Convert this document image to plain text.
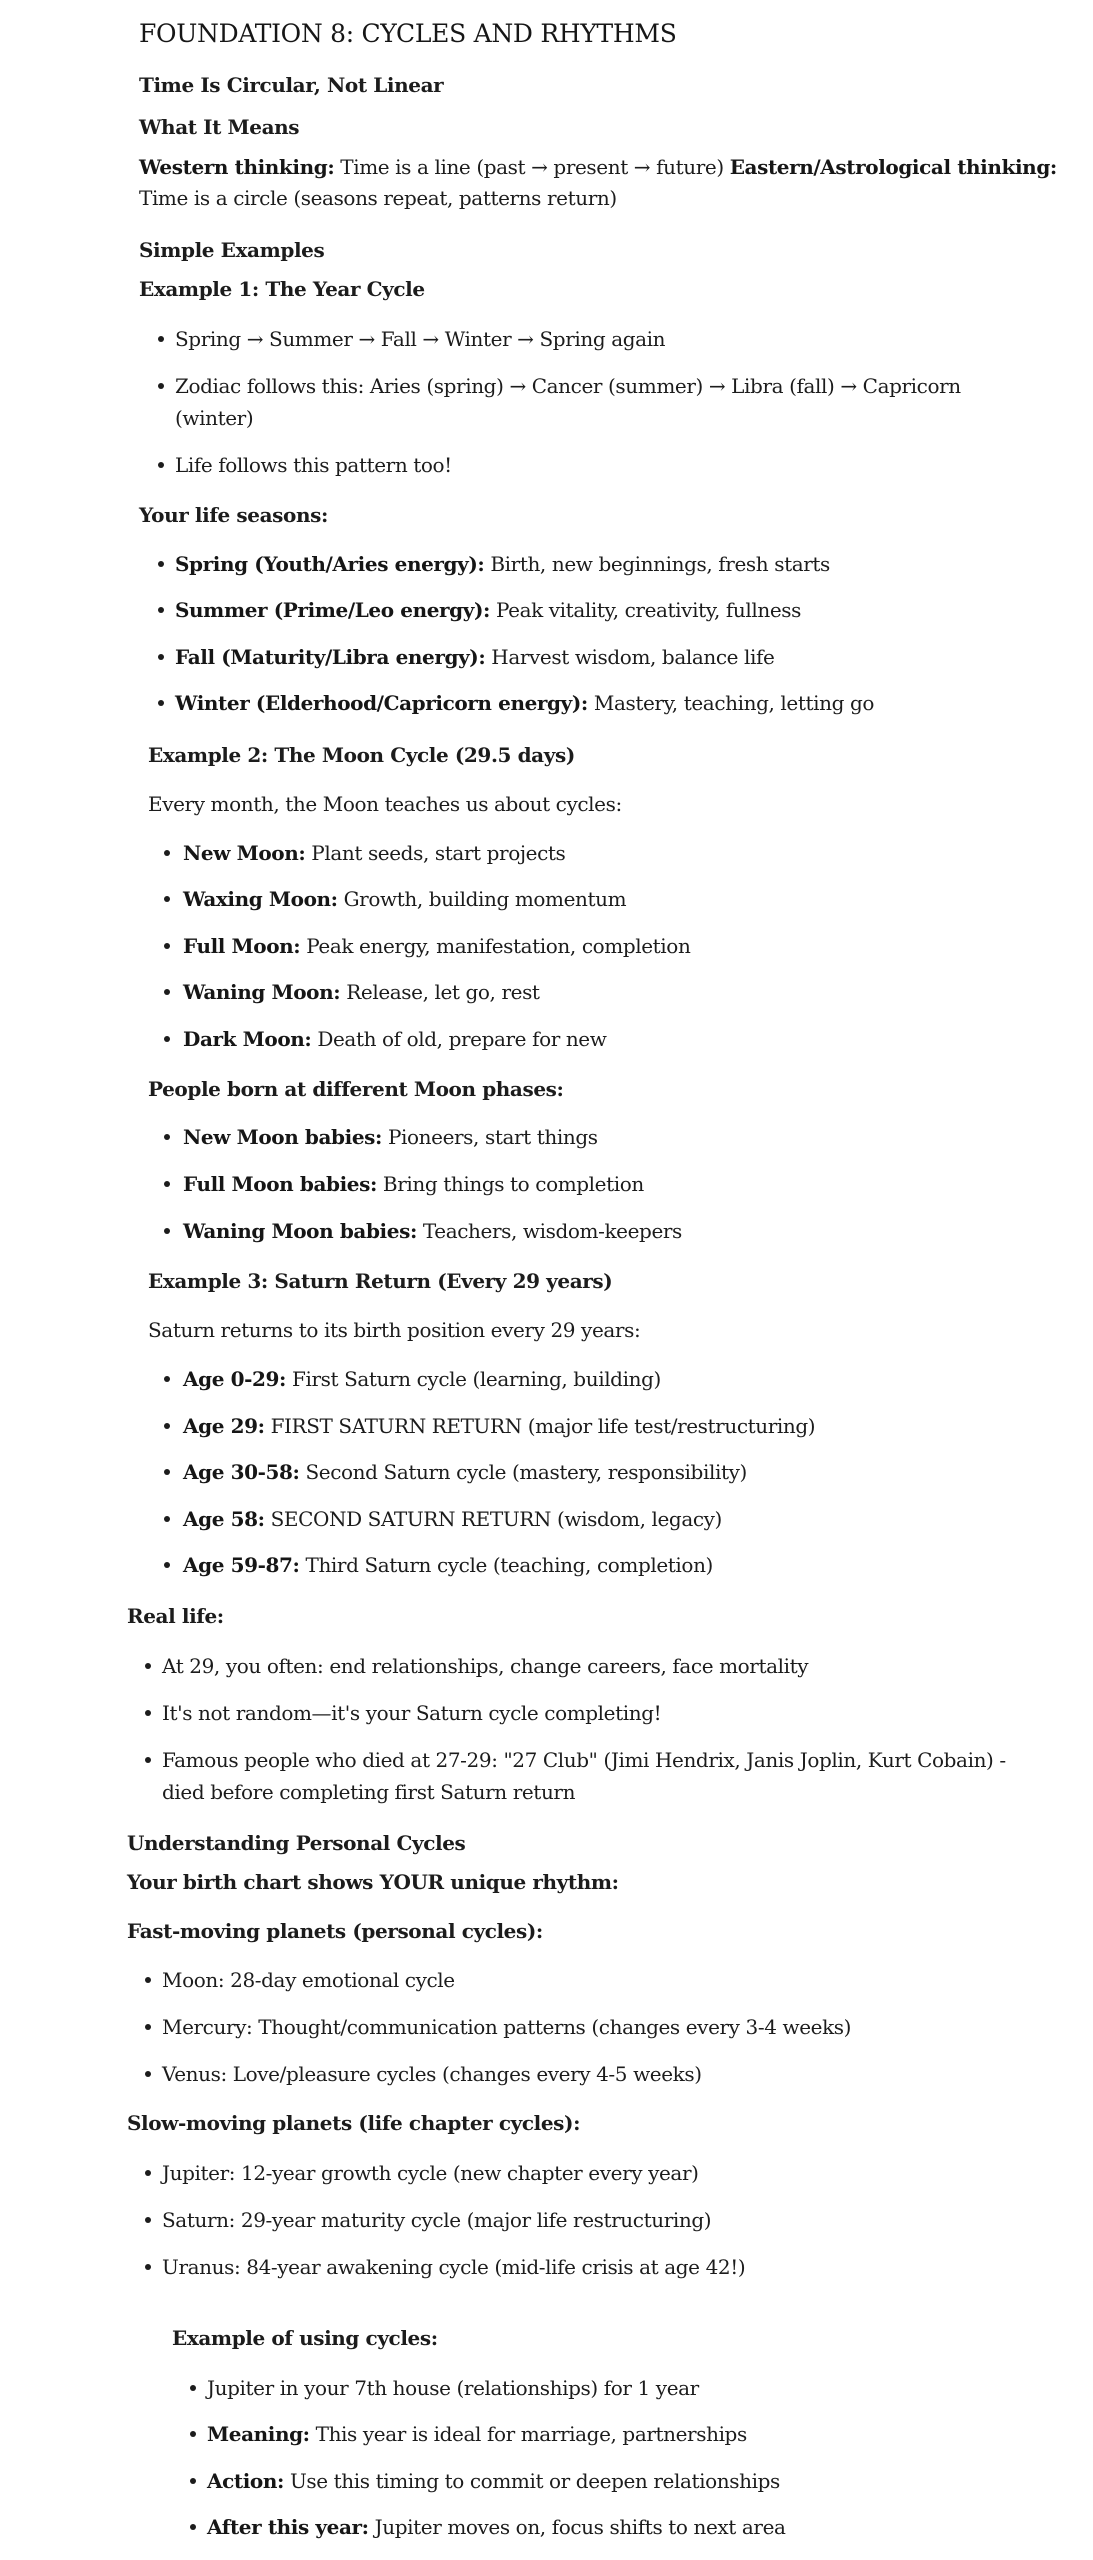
FOUNDATION 8: CYCLES AND RHYTHMS
Time Is Circular, Not Linear
What It Means
Western thinking: Time is a line (past → present → future) Eastern/Astrological thinking:
Time is a circle (seasons repeat, patterns return)
Simple Examples
Example 1: The Year Cycle
Spring → Summer → Fall → Winter → Spring again
Zodiac follows this: Aries (spring) → Cancer (summer) → Libra (fall) → Capricorn
(winter)
Life follows this pattern too!
Your life seasons:
Spring (Youth/Aries energy): Birth, new beginnings, fresh starts
Summer (Prime/Leo energy): Peak vitality, creativity, fullness
Fall (Maturity/Libra energy): Harvest wisdom, balance life
Winter (Elderhood/Capricorn energy): Mastery, teaching, letting go
Example 2: The Moon Cycle (29.5 days)
Every month, the Moon teaches us about cycles:
New Moon: Plant seeds, start projects
Waxing Moon: Growth, building momentum
Full Moon: Peak energy, manifestation, completion
Waning Moon: Release, let go, rest
Dark Moon: Death of old, prepare for new
People born at different Moon phases:
New Moon babies: Pioneers, start things
Full Moon babies: Bring things to completion
Waning Moon babies: Teachers, wisdom-keepers
Example 3: Saturn Return (Every 29 years)
Saturn returns to its birth position every 29 years:
Age 0-29: First Saturn cycle (learning, building)
Age 29: FIRST SATURN RETURN (major life test/restructuring)
Age 30-58: Second Saturn cycle (mastery, responsibility)
Age 58: SECOND SATURN RETURN (wisdom, legacy)
Age 59-87: Third Saturn cycle (teaching, completion)
Real life:
At 29, you often: end relationships, change careers, face mortality
It's not random—it's your Saturn cycle completing!
Famous people who died at 27-29: "27 Club" (Jimi Hendrix, Janis Joplin, Kurt Cobain) -
died before completing first Saturn return
Understanding Personal Cycles
Your birth chart shows YOUR unique rhythm:
Fast-moving planets (personal cycles):
Moon: 28-day emotional cycle
Mercury: Thought/communication patterns (changes every 3-4 weeks)
Venus: Love/pleasure cycles (changes every 4-5 weeks)
Slow-moving planets (life chapter cycles):
Jupiter: 12-year growth cycle (new chapter every year)
Saturn: 29-year maturity cycle (major life restructuring)
Uranus: 84-year awakening cycle (mid-life crisis at age 42!)
Example of using cycles:
Jupiter in your 7th house (relationships) for 1 year
Meaning: This year is ideal for marriage, partnerships
Action: Use this timing to commit or deepen relationships
After this year: Jupiter moves on, focus shifts to next area
